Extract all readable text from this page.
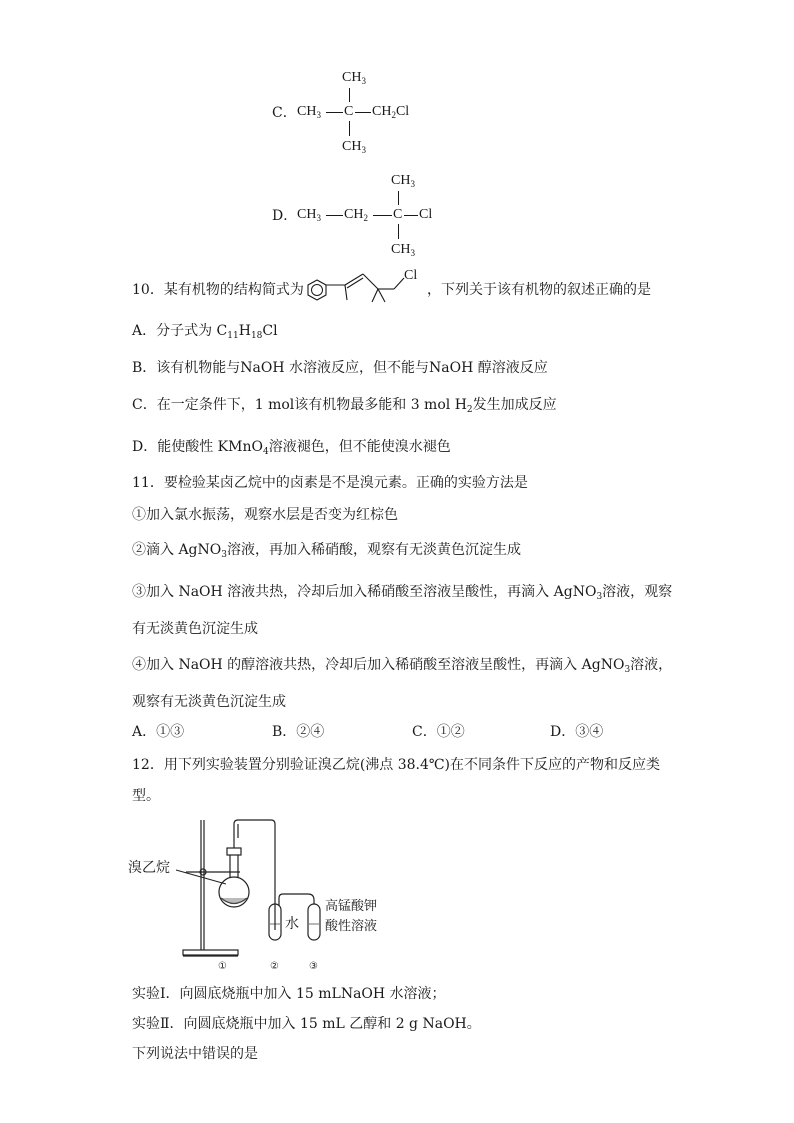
C．
$CH_3$
$CH_3$ C $CH_2Cl$
$CH_3$
D．
$CH_3$
$CH_3$ $CH_2$ C Cl
$CH_3$
10．某有机物的结构简式为
Cl
，下列关于该有机物的叙述正确的是
A．分子式为 $C_{11}H_{18}Cl$
B．该有机物能与NaOH 水溶液反应，但不能与NaOH 醇溶液反应
C．在一定条件下，1 mol该有机物最多能和 3 mol $H_2$发生加成反应
D．能使酸性 KMnO$_4$溶液褪色，但不能使溴水褪色
11．要检验某卤乙烷中的卤素是不是溴元素。正确的实验方法是
①加入氯水振荡，观察水层是否变为红棕色
②滴入 AgNO$_3$溶液，再加入稀硝酸，观察有无淡黄色沉淀生成
③加入 NaOH 溶液共热，冷却后加入稀硝酸至溶液呈酸性，再滴入 AgNO$_3$溶液，观察
有无淡黄色沉淀生成
④加入 NaOH 的醇溶液共热，冷却后加入稀硝酸至溶液呈酸性，再滴入 AgNO$_3$溶液，
观察有无淡黄色沉淀生成
A．①③	B．②④	C．①②	D．③④
12．用下列实验装置分别验证溴乙烷(沸点 38.4℃)在不同条件下反应的产物和反应类
型。
溴乙烷
水
高锰酸钾
酸性溶液
①	②	③
实验Ⅰ．向圆底烧瓶中加入 15 mLNaOH 水溶液；
实验Ⅱ．向圆底烧瓶中加入 15 mL 乙醇和 2 g NaOH。
下列说法中错误的是
